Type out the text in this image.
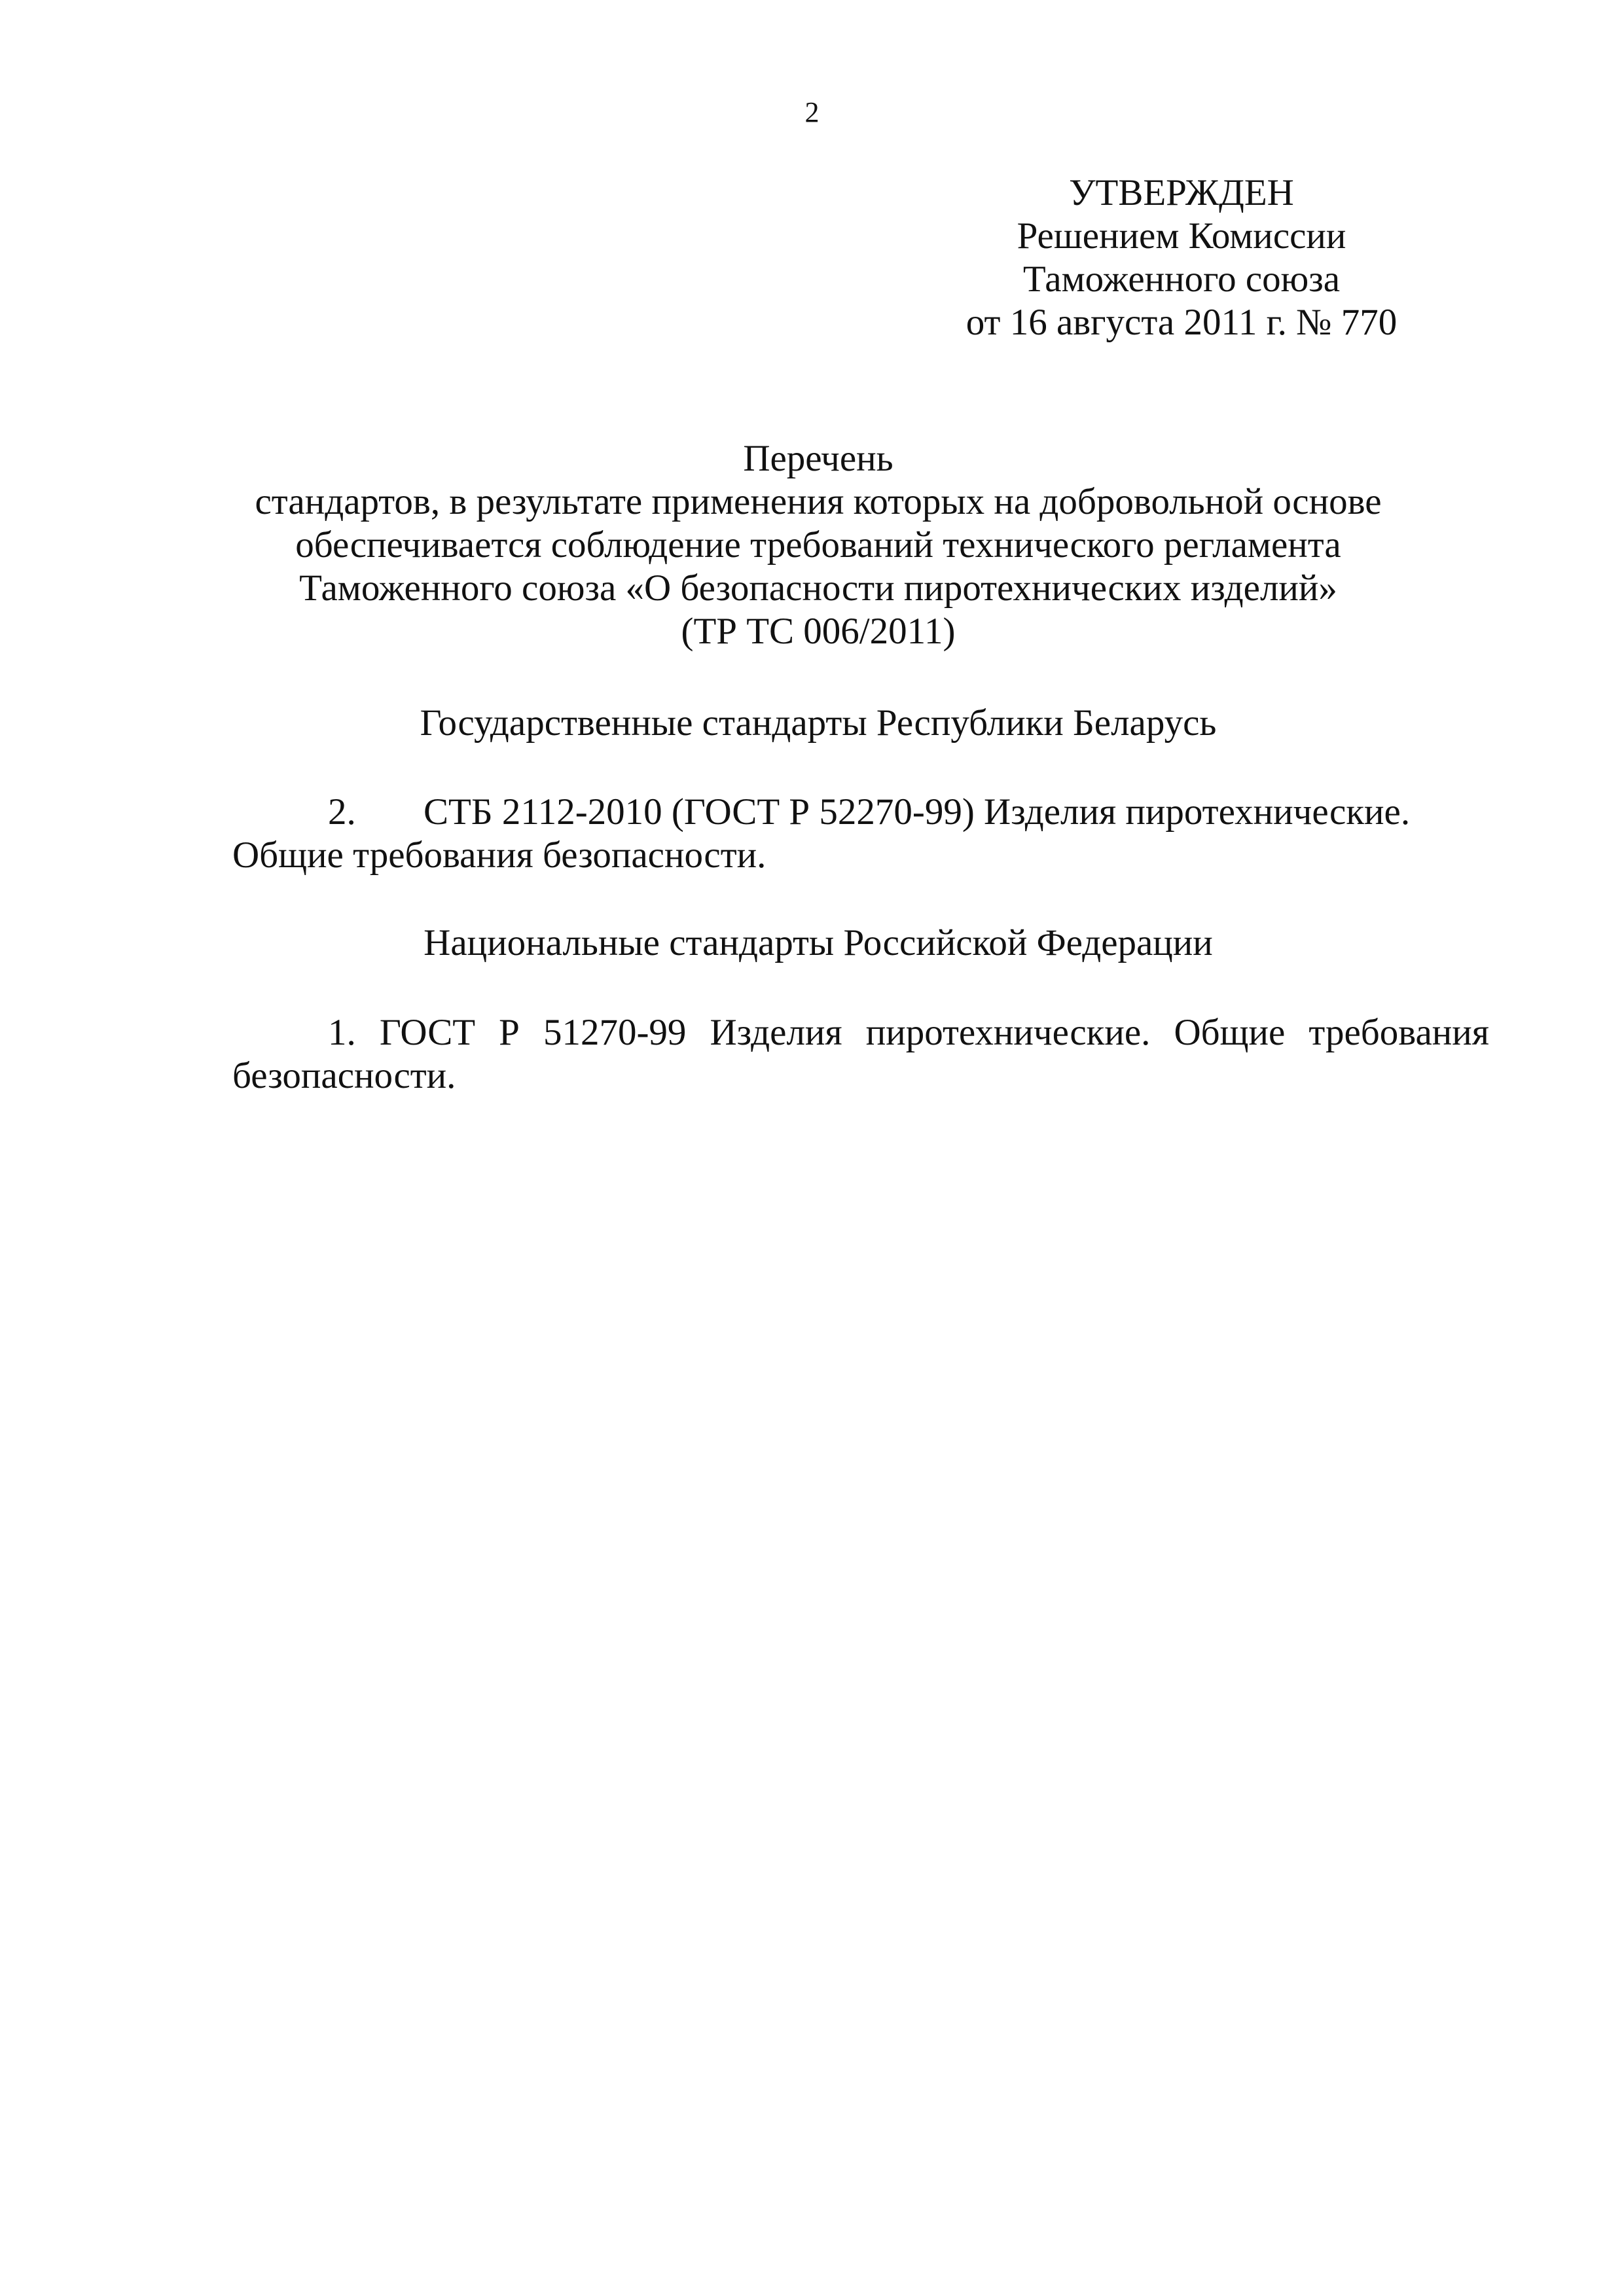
2
УТВЕРЖДЕН
Решением Комиссии
Таможенного союза
от 16 августа 2011 г. № 770
Перечень
стандартов, в результате применения которых на добровольной основе
обеспечивается соблюдение требований технического регламента
Таможенного союза «О безопасности пиротехнических изделий»
(ТР ТС 006/2011)
Государственные стандарты Республики Беларусь
2. СТБ 2112-2010 (ГОСТ Р 52270-99) Изделия пиротехнические.
Общие требования безопасности.
Национальные стандарты Российской Федерации
1. ГОСТ Р 51270-99 Изделия пиротехнические. Общие требования
безопасности.
